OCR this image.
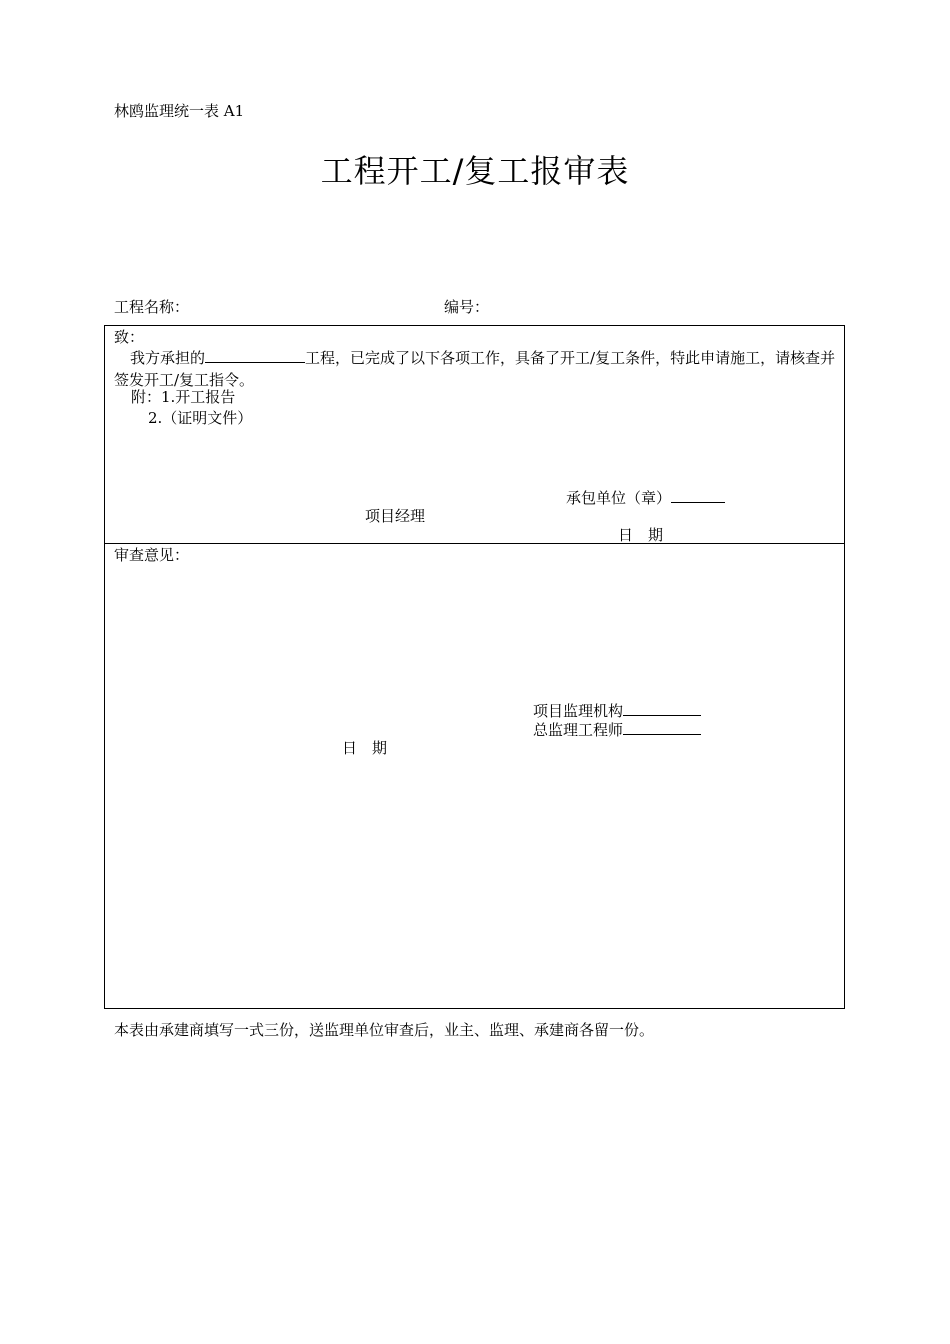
林鸥监理统一表 A1
工程开工/复工报审表
工程名称：	编号：
致：
我方承担的	工程，已完成了以下各项工作，具备了开工/复工条件，特此申请施工，请核查并签发开工/复工指令。
附：1.开工报告
2.（证明文件）
承包单位（章）
项目经理
日　期
审查意见：
项目监理机构
总监理工程师
日　期
本表由承建商填写一式三份，送监理单位审查后，业主、监理、承建商各留一份。
